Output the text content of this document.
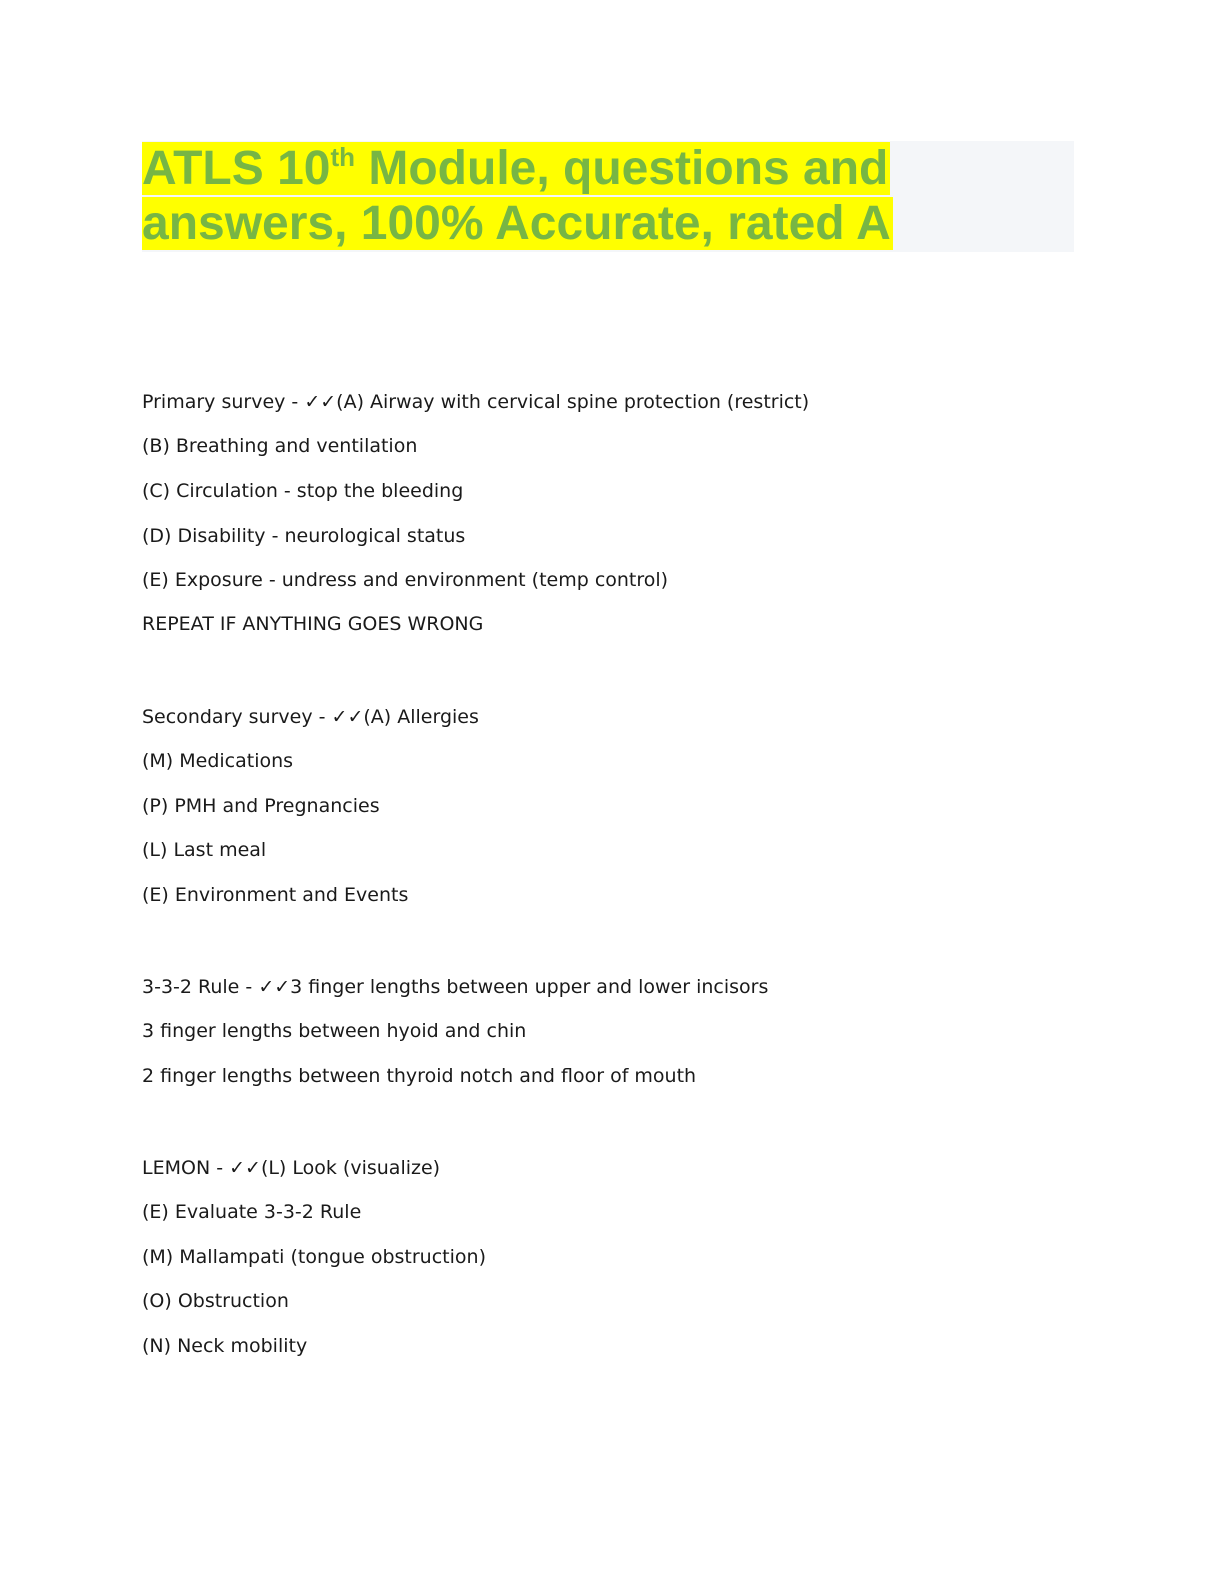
ATLS 10th Module, questions and
answers, 100% Accurate, rated A

Primary survey - ✓✓(A) Airway with cervical spine protection (restrict)

(B) Breathing and ventilation

(C) Circulation - stop the bleeding

(D) Disability - neurological status

(E) Exposure - undress and environment (temp control)

REPEAT IF ANYTHING GOES WRONG

Secondary survey - ✓✓(A) Allergies

(M) Medications

(P) PMH and Pregnancies

(L) Last meal

(E) Environment and Events

3-3-2 Rule - ✓✓3 finger lengths between upper and lower incisors

3 finger lengths between hyoid and chin

2 finger lengths between thyroid notch and floor of mouth

LEMON - ✓✓(L) Look (visualize)

(E) Evaluate 3-3-2 Rule

(M) Mallampati (tongue obstruction)

(O) Obstruction

(N) Neck mobility
